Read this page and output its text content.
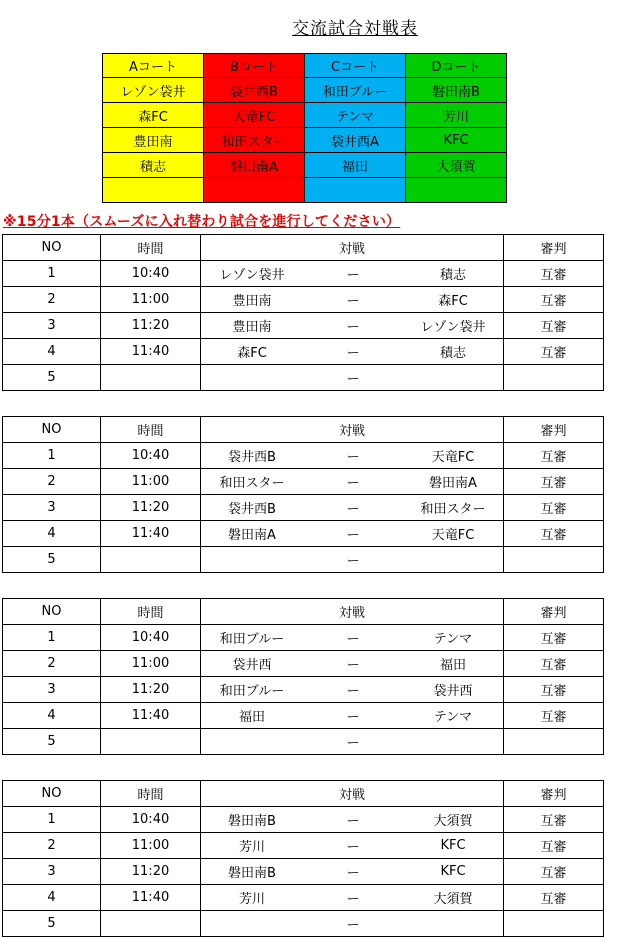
交流試合対戦表
Aコート	Bコート	Cコート	Dコート
レゾン袋井	袋井西B	和田ブルー	磐田南B
森FC	天竜FC	テンマ	芳川
豊田南	和田スター	袋井西A	KFC
積志	磐田南A	福田	大須賀

※15分1本（スムーズに入れ替わり試合を進行してください）
NO	時間	対戦	審判
1	10:40	レゾン袋井 ー 積志	互審
2	11:00	豊田南 ー 森FC	互審
3	11:20	豊田南 ー レゾン袋井	互審
4	11:40	森FC ー 積志	互審
5		ー	

NO	時間	対戦	審判
1	10:40	袋井西B ー 天竜FC	互審
2	11:00	和田スター ー 磐田南A	互審
3	11:20	袋井西B ー 和田スター	互審
4	11:40	磐田南A ー 天竜FC	互審
5		ー	

NO	時間	対戦	審判
1	10:40	和田ブルー ー テンマ	互審
2	11:00	袋井西 ー 福田	互審
3	11:20	和田ブルー ー 袋井西	互審
4	11:40	福田 ー テンマ	互審
5		ー	

NO	時間	対戦	審判
1	10:40	磐田南B ー 大須賀	互審
2	11:00	芳川 ー KFC	互審
3	11:20	磐田南B ー KFC	互審
4	11:40	芳川 ー 大須賀	互審
5		ー	
